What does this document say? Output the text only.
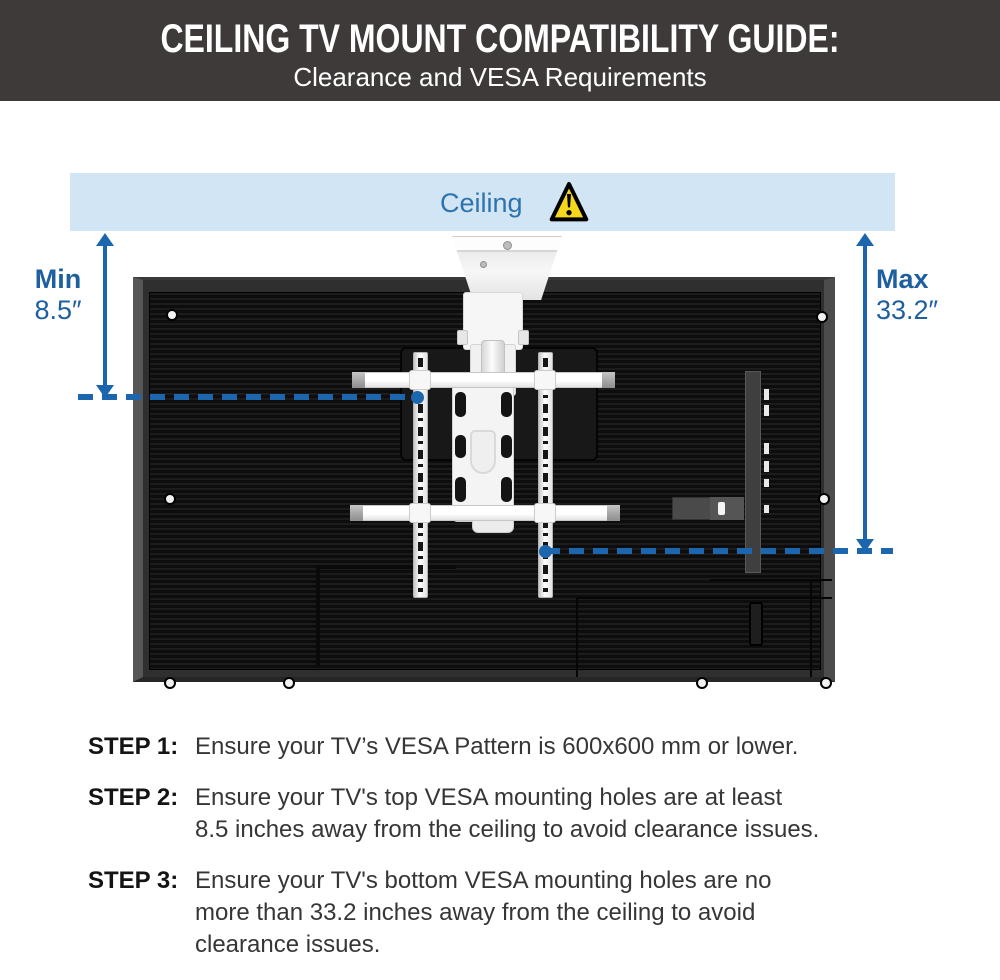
CEILING TV MOUNT COMPATIBILITY GUIDE:
Clearance and VESA Requirements
Ceiling
Min
8.5″
Max
33.2″
STEP 1: Ensure your TV’s VESA Pattern is 600x600 mm or lower.
STEP 2: Ensure your TV's top VESA mounting holes are at least
8.5 inches away from the ceiling to avoid clearance issues.
STEP 3: Ensure your TV's bottom VESA mounting holes are no
more than 33.2 inches away from the ceiling to avoid
clearance issues.
